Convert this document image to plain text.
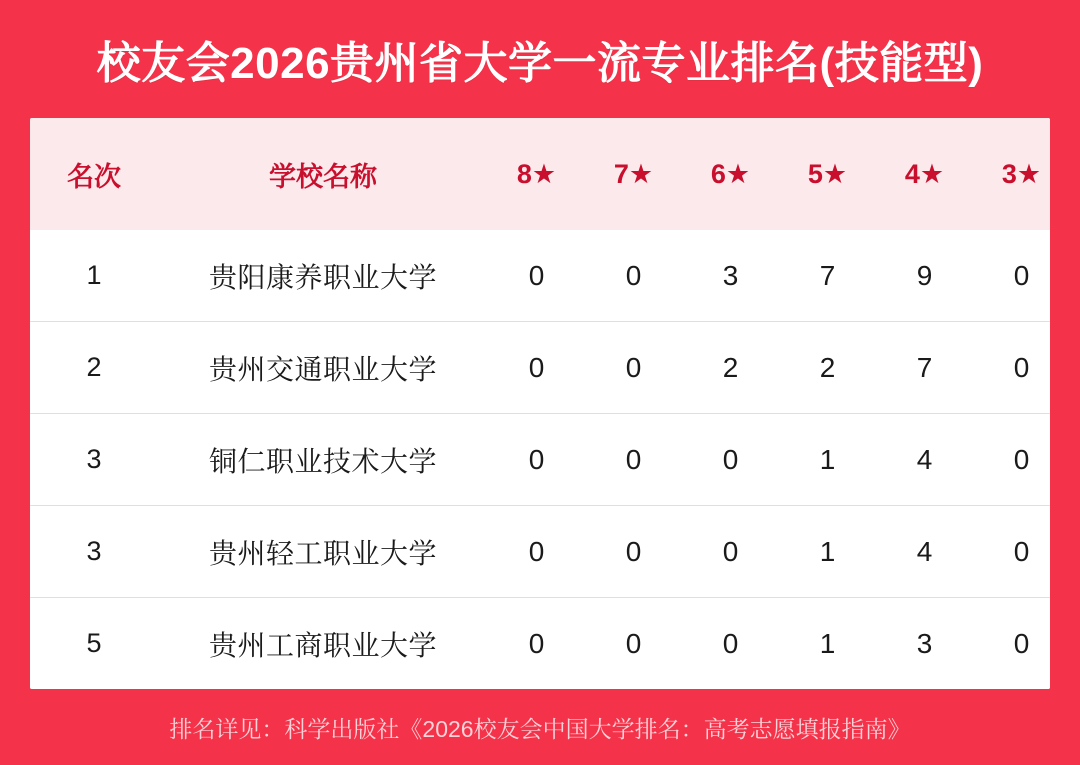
校友会2026贵州省大学一流专业排名(技能型)
名次	学校名称	8★	7★	6★	5★	4★	3★
1	贵阳康养职业大学	0	0	3	7	9	0
2	贵州交通职业大学	0	0	2	2	7	0
3	铜仁职业技术大学	0	0	0	1	4	0
3	贵州轻工职业大学	0	0	0	1	4	0
5	贵州工商职业大学	0	0	0	1	3	0
排名详见：科学出版社《2026校友会中国大学排名：高考志愿填报指南》
